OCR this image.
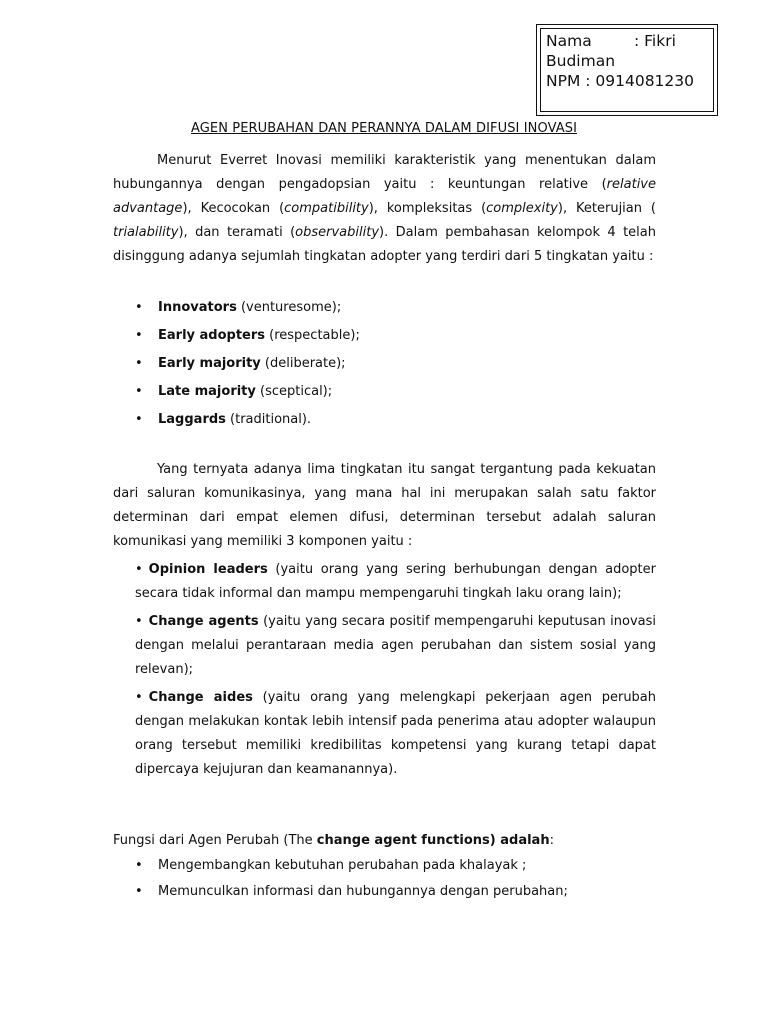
Nama	: Fikri
Budiman
NPM : 0914081230
AGEN PERUBAHAN DAN PERANNYA DALAM DIFUSI INOVASI

Menurut Everret Inovasi memiliki karakteristik yang menentukan dalam hubungannya dengan pengadopsian yaitu : keuntungan relative (relative advantage), Kecocokan (compatibility), kompleksitas (complexity), Keterujian ( trialability), dan teramati (observability). Dalam pembahasan kelompok 4 telah disinggung adanya sejumlah tingkatan adopter yang terdiri dari 5 tingkatan yaitu :

• Innovators (venturesome);
• Early adopters (respectable);
• Early majority (deliberate);
• Late majority (sceptical);
• Laggards (traditional).

Yang ternyata adanya lima tingkatan itu sangat tergantung pada kekuatan dari saluran komunikasinya, yang mana hal ini merupakan salah satu faktor determinan dari empat elemen difusi, determinan tersebut adalah saluran komunikasi yang memiliki 3 komponen yaitu :

• Opinion leaders (yaitu orang yang sering berhubungan dengan adopter secara tidak informal dan mampu mempengaruhi tingkah laku orang lain);
• Change agents (yaitu yang secara positif mempengaruhi keputusan inovasi dengan melalui perantaraan media agen perubahan dan sistem sosial yang relevan);
• Change aides (yaitu orang yang melengkapi pekerjaan agen perubah dengan melakukan kontak lebih intensif pada penerima atau adopter walaupun orang tersebut memiliki kredibilitas kompetensi yang kurang tetapi dapat dipercaya kejujuran dan keamanannya).
Fungsi dari Agen Perubah (The change agent functions) adalah:
• Mengembangkan kebutuhan perubahan pada khalayak ;
• Memunculkan informasi dan hubungannya dengan perubahan;
